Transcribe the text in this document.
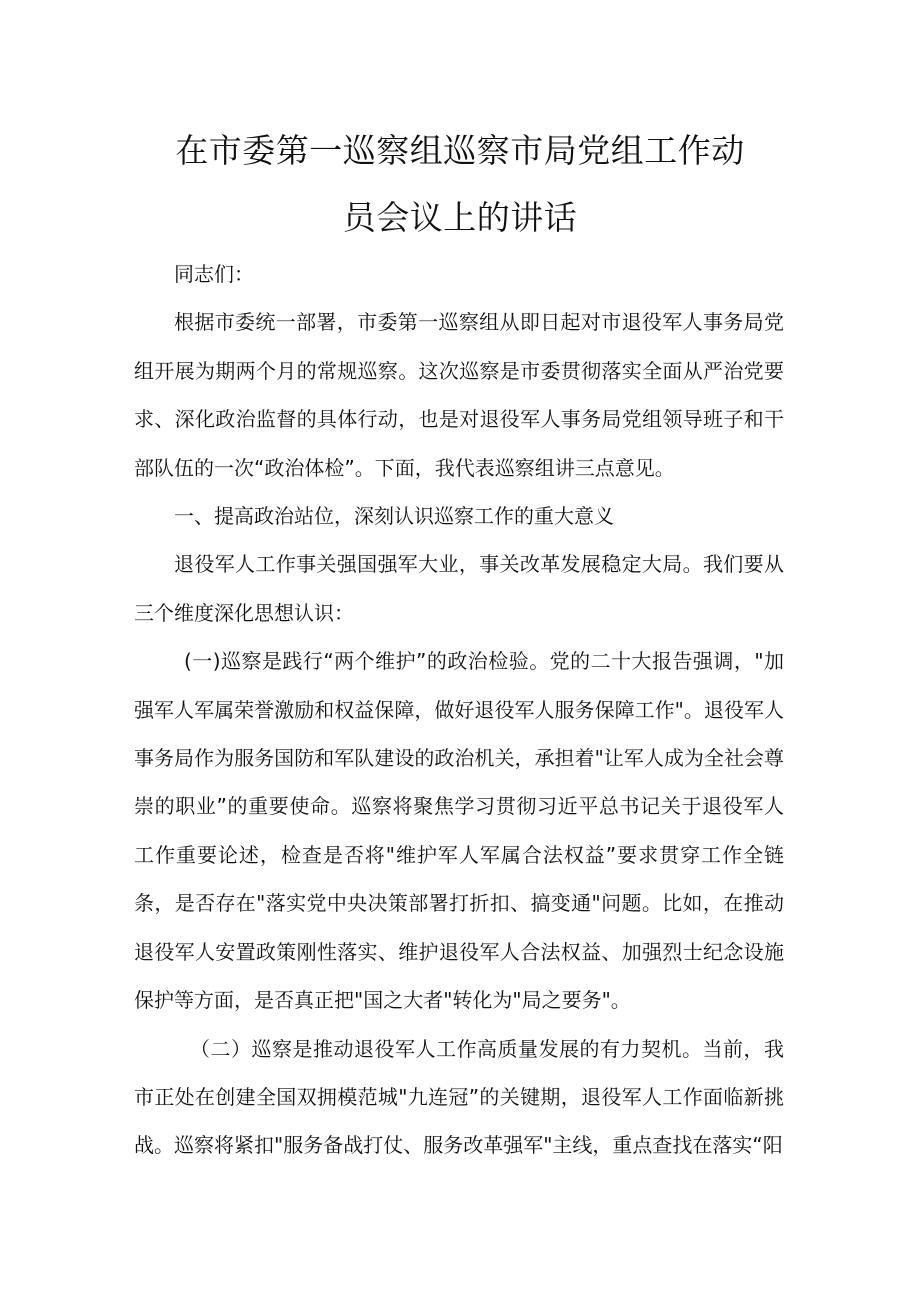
在市委第一巡察组巡察市局党组工作动
员会议上的讲话

同志们：

根据市委统一部署，市委第一巡察组从即日起对市退役军人事务局党组开展为期两个月的常规巡察。这次巡察是市委贯彻落实全面从严治党要求、深化政治监督的具体行动，也是对退役军人事务局党组领导班子和干部队伍的一次“政治体检”。下面，我代表巡察组讲三点意见。

一、提高政治站位，深刻认识巡察工作的重大意义

退役军人工作事关强国强军大业，事关改革发展稳定大局。我们要从三个维度深化思想认识：

(一)巡察是践行“两个维护”的政治检验。党的二十大报告强调，"加强军人军属荣誉激励和权益保障，做好退役军人服务保障工作"。退役军人事务局作为服务国防和军队建设的政治机关，承担着"让军人成为全社会尊崇的职业”的重要使命。巡察将聚焦学习贯彻习近平总书记关于退役军人工作重要论述，检查是否将"维护军人军属合法权益”要求贯穿工作全链条，是否存在"落实党中央决策部署打折扣、搞变通"问题。比如，在推动退役军人安置政策刚性落实、维护退役军人合法权益、加强烈士纪念设施保护等方面，是否真正把"国之大者"转化为"局之要务"。

（二）巡察是推动退役军人工作高质量发展的有力契机。当前，我市正处在创建全国双拥模范城"九连冠”的关键期，退役军人工作面临新挑战。巡察将紧扣"服务备战打仗、服务改革强军"主线，重点查找在落实“阳
